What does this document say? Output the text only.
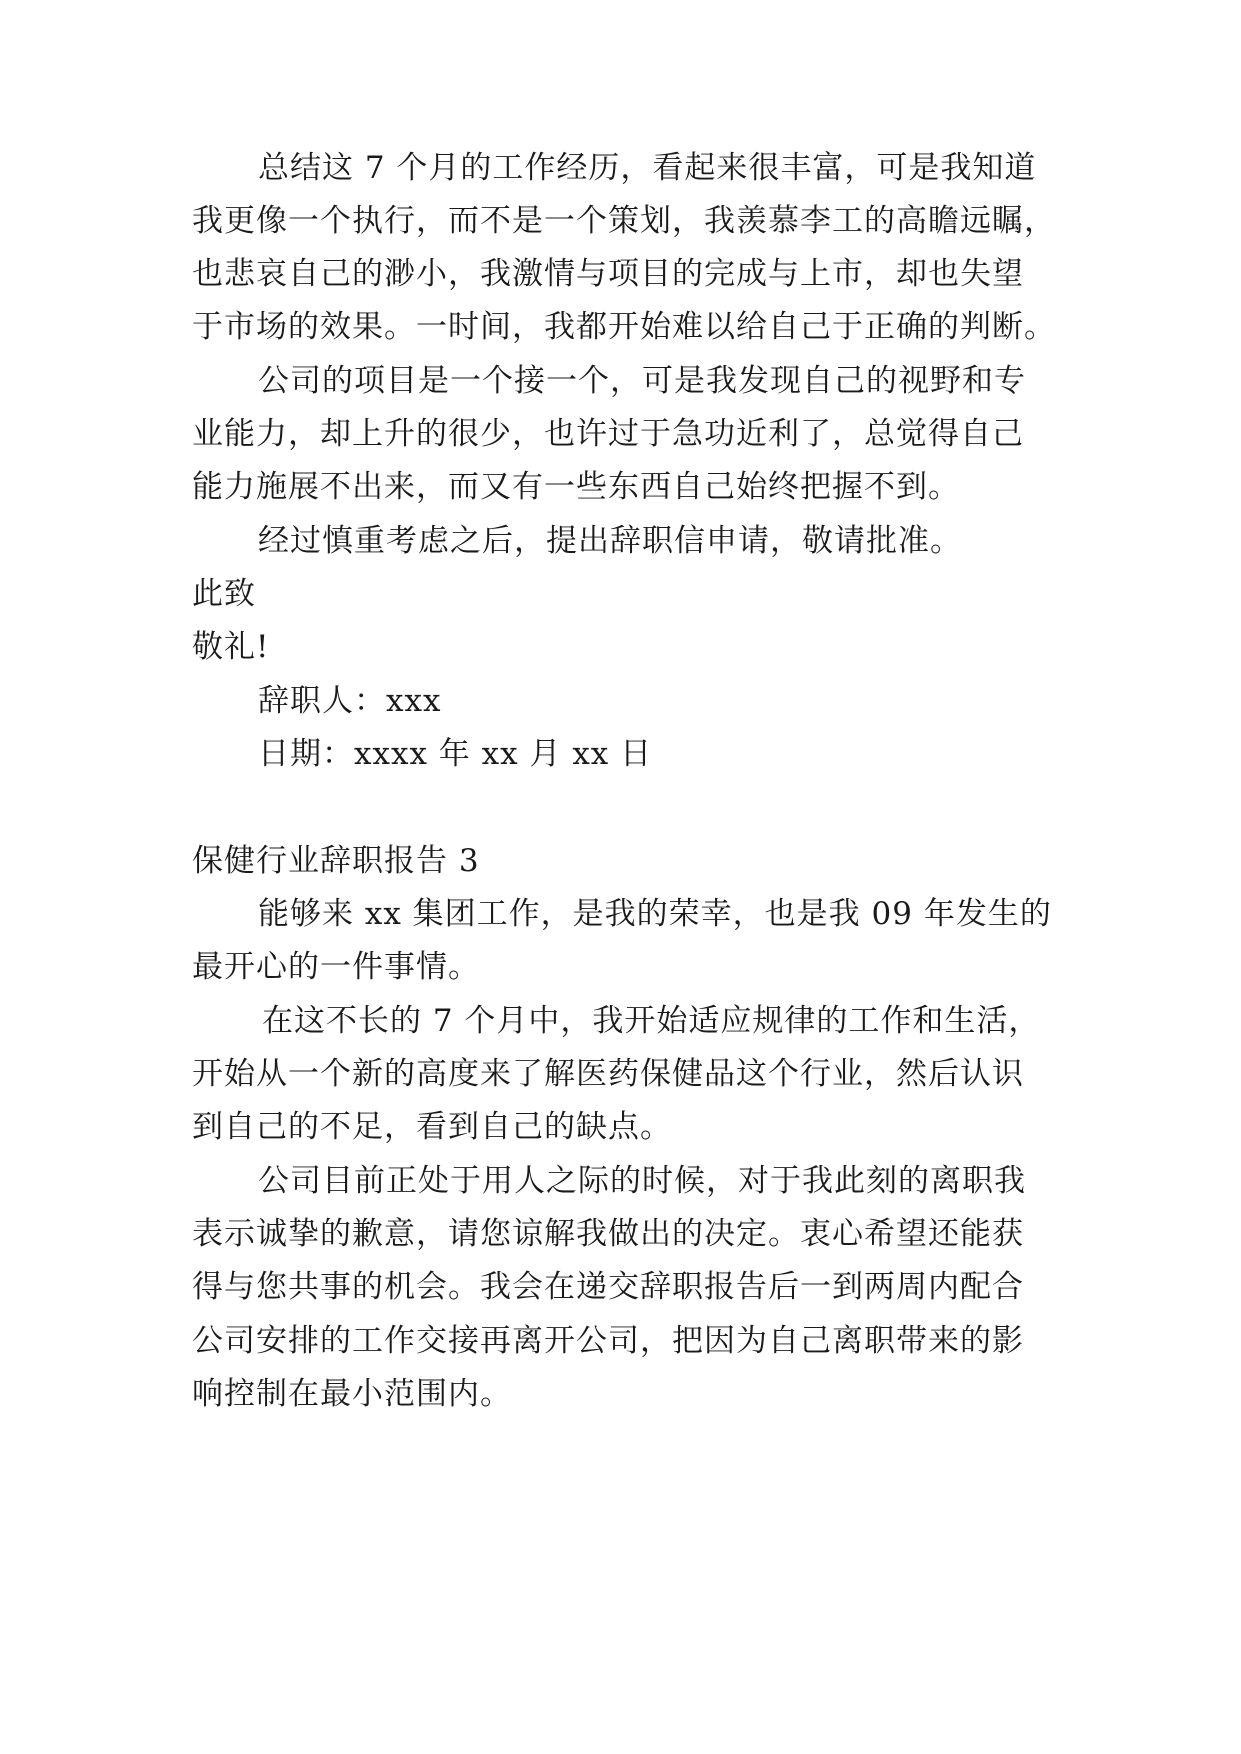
总结这 7 个月的工作经历，看起来很丰富，可是我知道
我更像一个执行，而不是一个策划，我羡慕李工的高瞻远瞩，
也悲哀自己的渺小，我激情与项目的完成与上市，却也失望
于市场的效果。一时间，我都开始难以给自己于正确的判断。
公司的项目是一个接一个，可是我发现自己的视野和专
业能力，却上升的很少，也许过于急功近利了，总觉得自己
能力施展不出来，而又有一些东西自己始终把握不到。
经过慎重考虑之后，提出辞职信申请，敬请批准。
此致
敬礼!
辞职人：xxx
日期：xxxx 年 xx 月 xx 日
保健行业辞职报告 3
能够来 xx 集团工作，是我的荣幸，也是我 09 年发生的
最开心的一件事情。
在这不长的 7 个月中，我开始适应规律的工作和生活，
开始从一个新的高度来了解医药保健品这个行业，然后认识
到自己的不足，看到自己的缺点。
公司目前正处于用人之际的时候，对于我此刻的离职我
表示诚挚的歉意，请您谅解我做出的决定。衷心希望还能获
得与您共事的机会。我会在递交辞职报告后一到两周内配合
公司安排的工作交接再离开公司，把因为自己离职带来的影
响控制在最小范围内。
